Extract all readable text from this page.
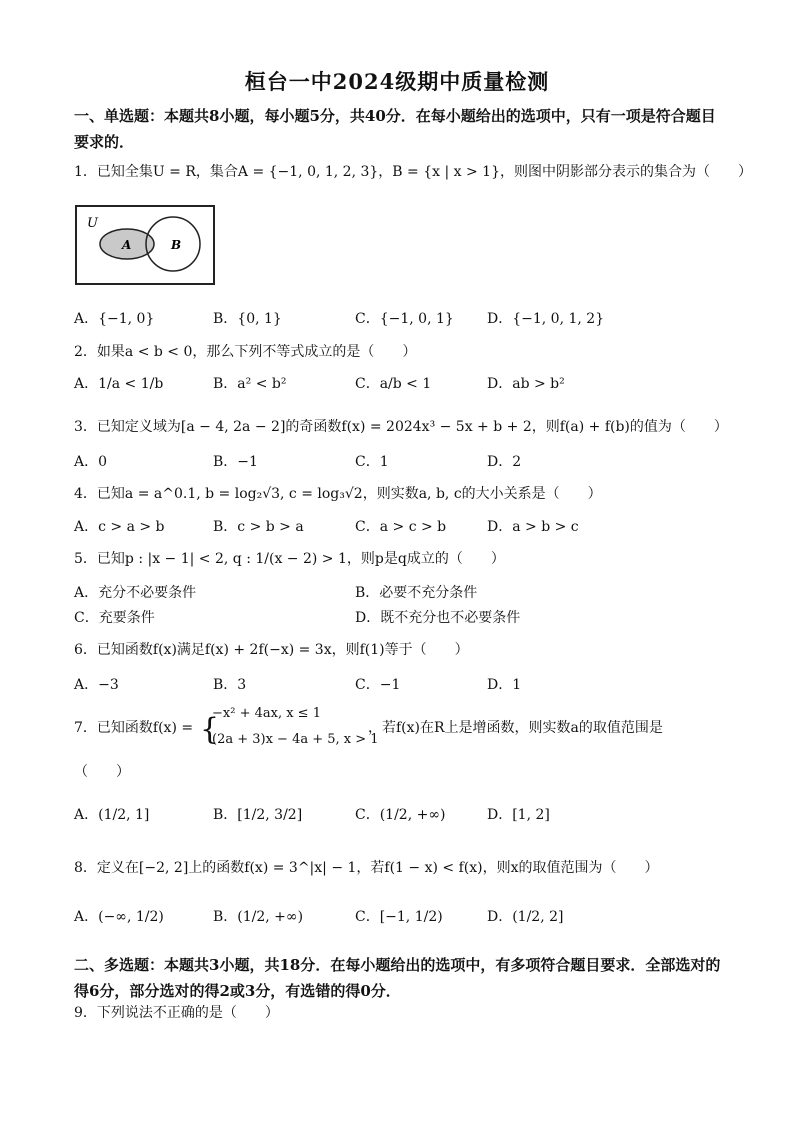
桓台一中2024级期中质量检测
一、单选题：本题共8小题，每小题5分，共40分．在每小题给出的选项中，只有一项是符合题目要求的．
1．已知全集U = R，集合A = {−1, 0, 1, 2, 3}，B = {x | x > 1}，则图中阴影部分表示的集合为（　　）
U
A	B
A．{−1, 0}	B．{0, 1}	C．{−1, 0, 1} D．{−1, 0, 1, 2}
2．如果a < b < 0，那么下列不等式成立的是（　　）
A．1/a < 1/b	B．a² < b²	C．a/b < 1	D．ab > b²
3．已知定义域为[a − 4, 2a − 2]的奇函数f(x) = 2024x³ − 5x + b + 2，则f(a) + f(b)的值为（　　）
A．0	B．−1	C．1	D．2
4．已知a = a^0.1, b = log₂√3, c = log₃√2，则实数a, b, c的大小关系是（　　）
A．c > a > b	B．c > b > a	C．a > c > b	D．a > b > c
5．已知p : |x − 1| < 2, q : 1/(x − 2) > 1，则p是q成立的（　　）
A．充分不必要条件	B．必要不充分条件
C．充要条件	D．既不充分也不必要条件
6．已知函数f(x)满足f(x) + 2f(−x) = 3x，则f(1)等于（　　）
A．−3	B．3	C．−1	D．1
7．已知函数f(x) = {
−x² + 4ax, x ≤ 1
(2a + 3)x − 4a + 5, x > 1
，若f(x)在R上是增函数，则实数a的取值范围是
（　　）
A．(1/2, 1]	B．[1/2, 3/2]	C．(1/2, +∞)	D．[1, 2]
8．定义在[−2, 2]上的函数f(x) = 3^|x| − 1，若f(1 − x) < f(x)，则x的取值范围为（　　）
A．(−∞, 1/2)	B．(1/2, +∞)	C．[−1, 1/2)	D．(1/2, 2]
二、多选题：本题共3小题，共18分．在每小题给出的选项中，有多项符合题目要求．全部选对的得6分，部分选对的得2或3分，有选错的得0分．
9．下列说法不正确的是（　　）
